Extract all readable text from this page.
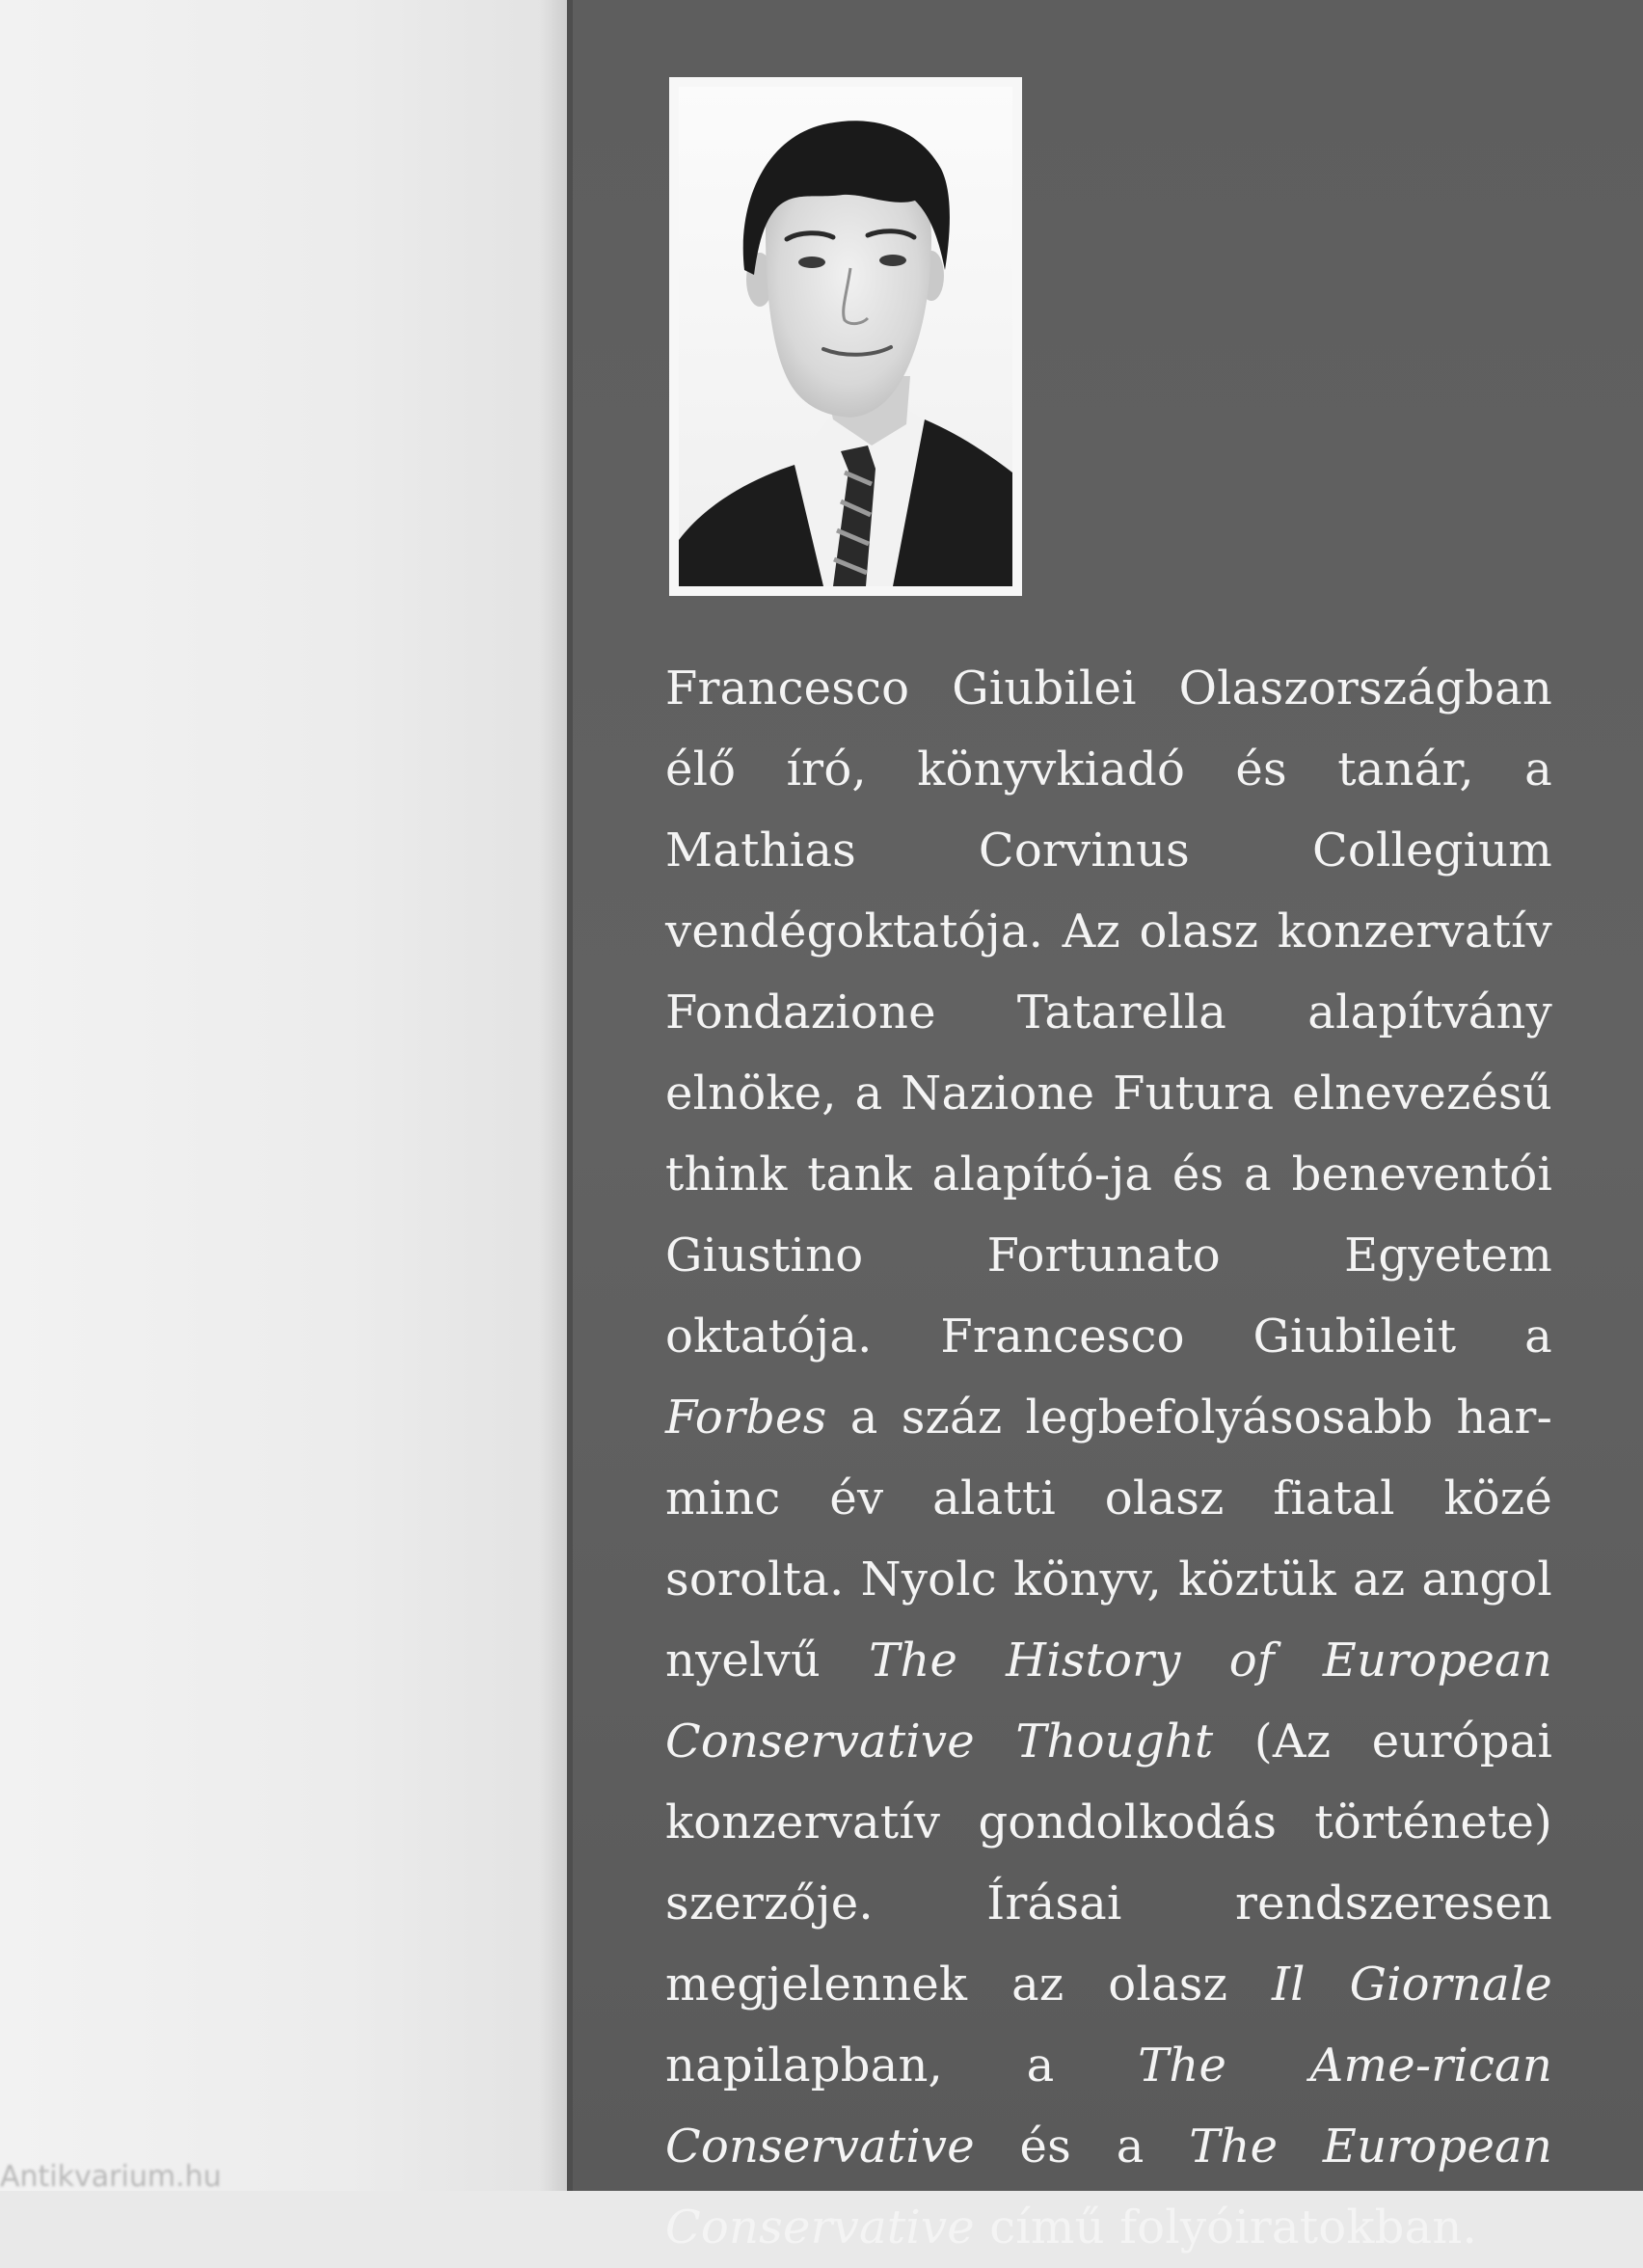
Antikvarium.hu
Francesco Giubilei Olaszországban élő író, könyvkiadó és tanár, a Mathias Corvinus Collegium vendégoktatója. Az olasz konzervatív Fondazione Tatarella alapítvány elnöke, a Nazione Futura elnevezésű think tank alapító-ja és a beneventói Giustino Fortunato Egyetem oktatója. Francesco Giubileit a Forbes a száz legbefolyásosabb har-minc év alatti olasz fiatal közé sorolta. Nyolc könyv, köztük az angol nyelvű The History of European Conservative Thought (Az európai konzervatív gondolkodás története) szerzője. Írásai rendszeresen megjelennek az olasz Il Giornale napilapban, a The Ame-rican Conservative és a The European Conservative című folyóiratokban.
